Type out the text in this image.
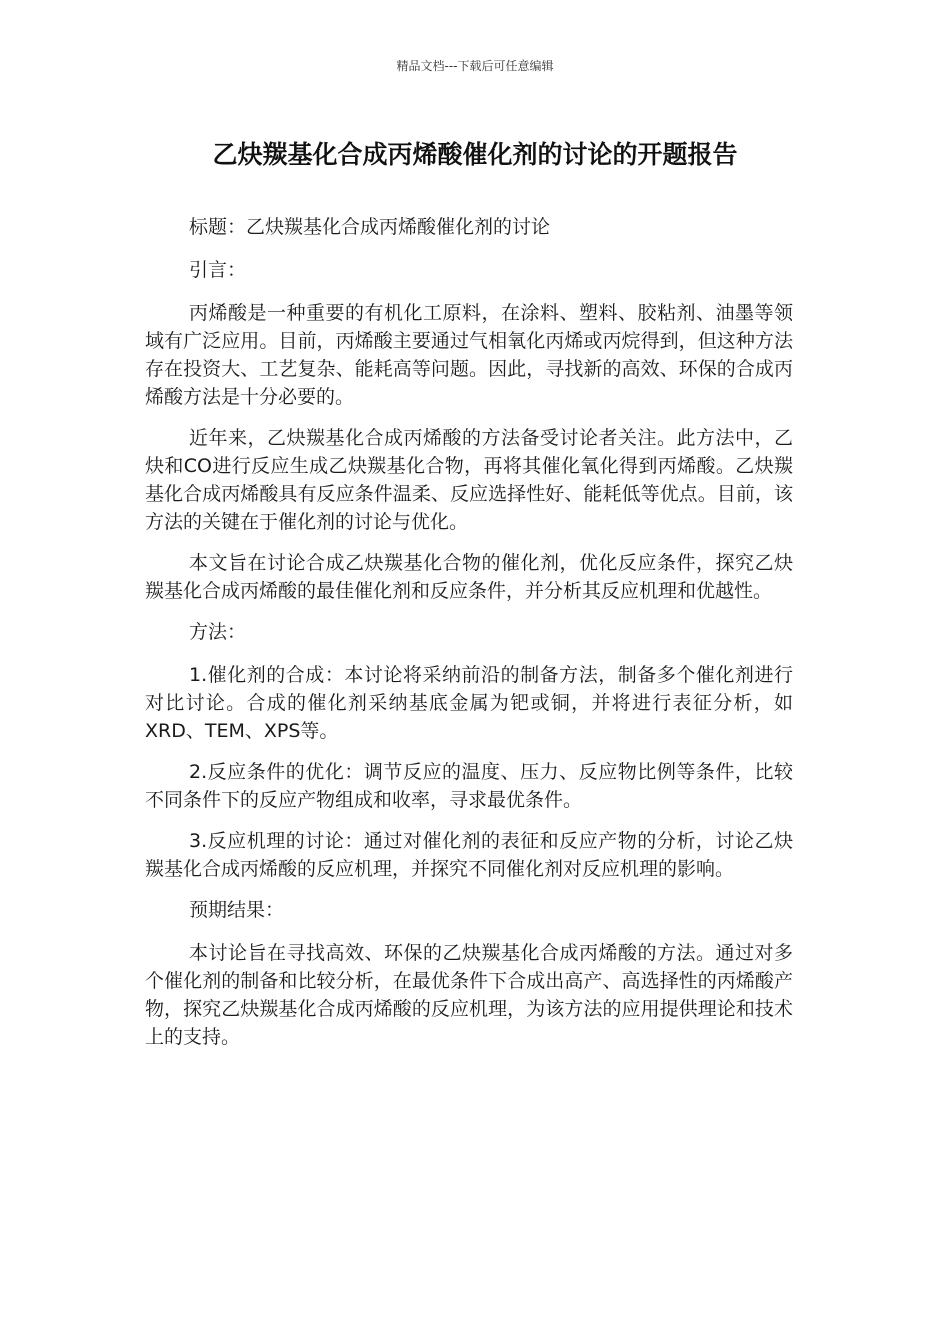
精品文档---下载后可任意编辑
乙炔羰基化合成丙烯酸催化剂的讨论的开题报告

标题：乙炔羰基化合成丙烯酸催化剂的讨论

引言：

丙烯酸是一种重要的有机化工原料，在涂料、塑料、胶粘剂、油墨等领域有广泛应用。目前，丙烯酸主要通过气相氧化丙烯或丙烷得到，但这种方法存在投资大、工艺复杂、能耗高等问题。因此，寻找新的高效、环保的合成丙烯酸方法是十分必要的。

近年来，乙炔羰基化合成丙烯酸的方法备受讨论者关注。此方法中，乙炔和CO进行反应生成乙炔羰基化合物，再将其催化氧化得到丙烯酸。乙炔羰基化合成丙烯酸具有反应条件温柔、反应选择性好、能耗低等优点。目前，该方法的关键在于催化剂的讨论与优化。

本文旨在讨论合成乙炔羰基化合物的催化剂，优化反应条件，探究乙炔羰基化合成丙烯酸的最佳催化剂和反应条件，并分析其反应机理和优越性。

方法：

1.催化剂的合成：本讨论将采纳前沿的制备方法，制备多个催化剂进行对比讨论。合成的催化剂采纳基底金属为钯或铜，并将进行表征分析，如XRD、TEM、XPS等。

2.反应条件的优化：调节反应的温度、压力、反应物比例等条件，比较不同条件下的反应产物组成和收率，寻求最优条件。

3.反应机理的讨论：通过对催化剂的表征和反应产物的分析，讨论乙炔羰基化合成丙烯酸的反应机理，并探究不同催化剂对反应机理的影响。

预期结果：

本讨论旨在寻找高效、环保的乙炔羰基化合成丙烯酸的方法。通过对多个催化剂的制备和比较分析，在最优条件下合成出高产、高选择性的丙烯酸产物，探究乙炔羰基化合成丙烯酸的反应机理，为该方法的应用提供理论和技术上的支持。
